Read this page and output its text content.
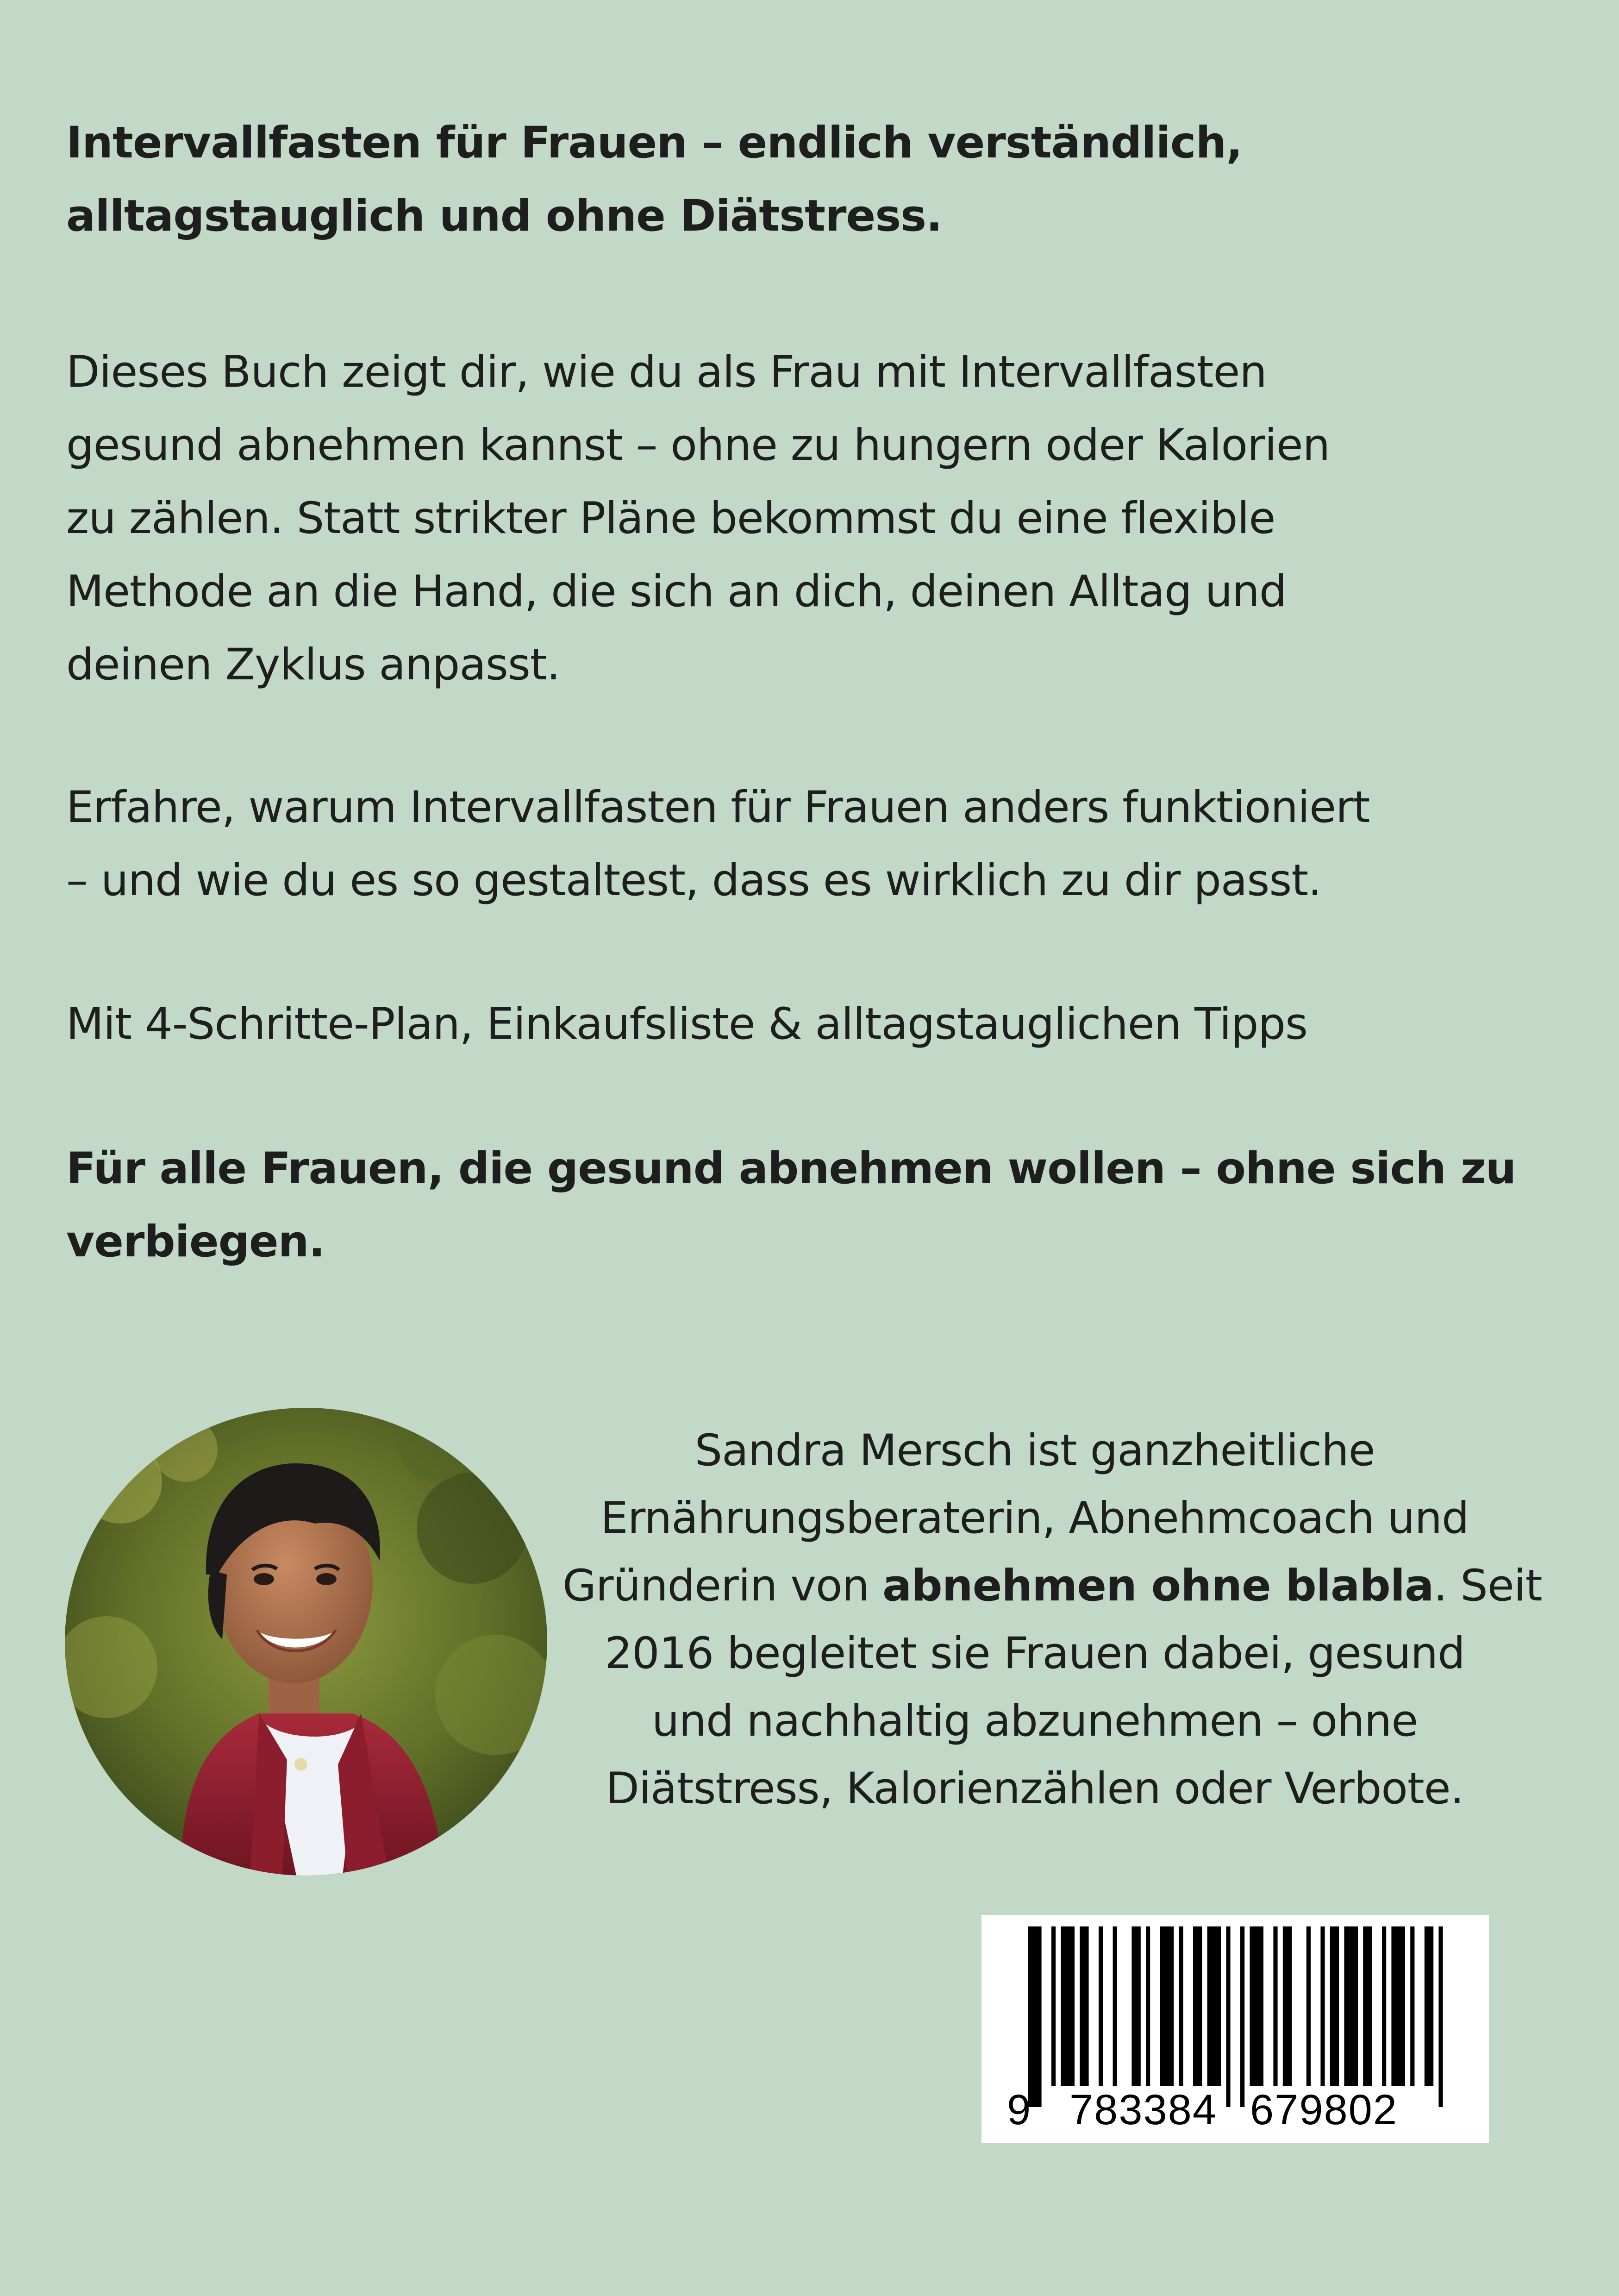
Intervallfasten für Frauen – endlich verständlich,
alltagstauglich und ohne Diätstress.

Dieses Buch zeigt dir, wie du als Frau mit Intervallfasten
gesund abnehmen kannst – ohne zu hungern oder Kalorien
zu zählen. Statt strikter Pläne bekommst du eine flexible
Methode an die Hand, die sich an dich, deinen Alltag und
deinen Zyklus anpasst.

Erfahre, warum Intervallfasten für Frauen anders funktioniert
– und wie du es so gestaltest, dass es wirklich zu dir passt.

Mit 4-Schritte-Plan, Einkaufsliste & alltagstauglichen Tipps

Für alle Frauen, die gesund abnehmen wollen – ohne sich zu
verbiegen.

Sandra Mersch ist ganzheitliche
Ernährungsberaterin, Abnehmcoach und
Gründerin von abnehmen ohne blabla. Seit
2016 begleitet sie Frauen dabei, gesund
und nachhaltig abzunehmen – ohne
Diätstress, Kalorienzählen oder Verbote.

9 783384 679802
